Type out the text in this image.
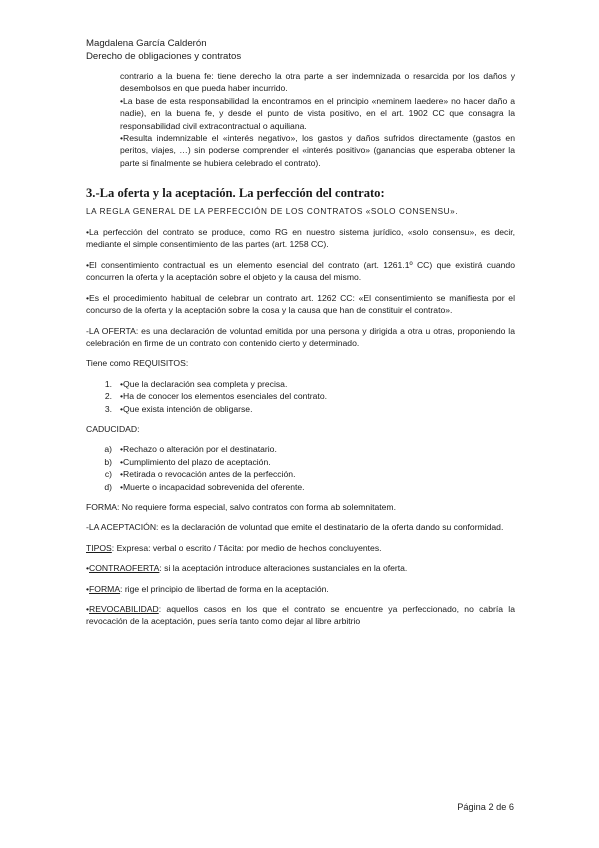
Magdalena García Calderón
Derecho de obligaciones y contratos

contrario a la buena fe: tiene derecho la otra parte a ser indemnizada o resarcida por los daños y desembolsos en que pueda haber incurrido.

•La base de esta responsabilidad la encontramos en el principio «neminem laedere» no hacer daño a nadie), en la buena fe, y desde el punto de vista positivo, en el art. 1902 CC que consagra la responsabilidad civil extracontractual o aquiliana.

•Resulta indemnizable el «interés negativo», los gastos y daños sufridos directamente (gastos en peritos, viajes, …) sin poderse comprender el «interés positivo» (ganancias que esperaba obtener la parte si finalmente se hubiera celebrado el contrato).

3.-La oferta y la aceptación. La perfección del contrato:

LA REGLA GENERAL DE LA PERFECCIÓN DE LOS CONTRATOS «SOLO CONSENSU».

•La perfección del contrato se produce, como RG en nuestro sistema jurídico, «solo consensu», es decir, mediante el simple consentimiento de las partes (art. 1258 CC).

•El consentimiento contractual es un elemento esencial del contrato (art. 1261.1º CC) que existirá cuando concurren la oferta y la aceptación sobre el objeto y la causa del mismo.

•Es el procedimiento habitual de celebrar un contrato art. 1262 CC: «El consentimiento se manifiesta por el concurso de la oferta y la aceptación sobre la cosa y la causa que han de constituir el contrato».

-LA OFERTA: es una declaración de voluntad emitida por una persona y dirigida a otra u otras, proponiendo la celebración en firme de un contrato con contenido cierto y determinado.

Tiene como REQUISITOS:

1. •Que la declaración sea completa y precisa.
2. •Ha de conocer los elementos esenciales del contrato.
3. •Que exista intención de obligarse.

CADUCIDAD:

a) •Rechazo o alteración por el destinatario.
b) •Cumplimiento del plazo de aceptación.
c) •Retirada o revocación antes de la perfección.
d) •Muerte o incapacidad sobrevenida del oferente.

FORMA: No requiere forma especial, salvo contratos con forma ab solemnitatem.

-LA ACEPTACIÓN: es la declaración de voluntad que emite el destinatario de la oferta dando su conformidad.

TIPOS: Expresa: verbal o escrito / Tácita: por medio de hechos concluyentes.

•CONTRAOFERTA: si la aceptación introduce alteraciones sustanciales en la oferta.

•FORMA: rige el principio de libertad de forma en la aceptación.

•REVOCABILIDAD: aquellos casos en los que el contrato se encuentre ya perfeccionado, no cabría la revocación de la aceptación, pues sería tanto como dejar al libre arbitrio

Página 2 de 6
